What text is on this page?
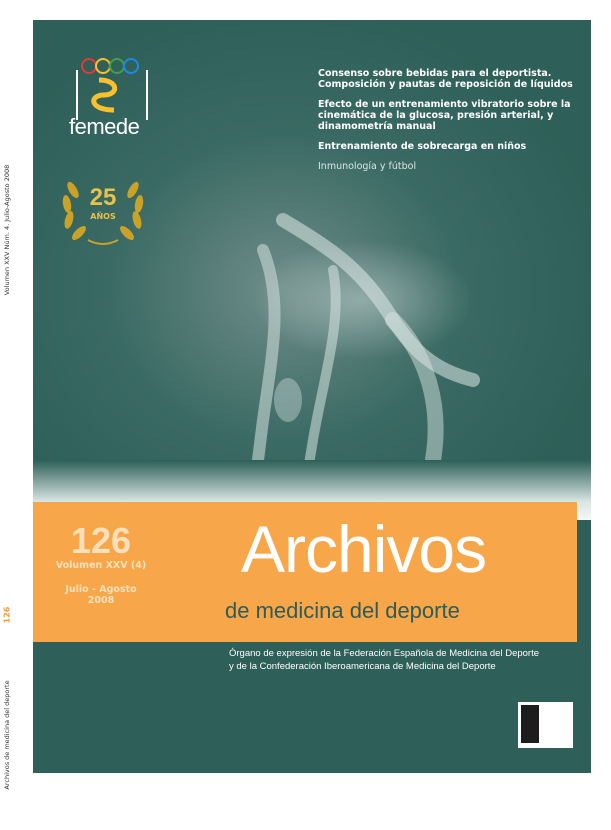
Volumen XXV Núm. 4. Julio-Agosto 2008
126
Archivos de medicina del deporte
femede
25
AÑOS
Consenso sobre bebidas para el deportista. Composición y pautas de reposición de líquidos
Efecto de un entrenamiento vibratorio sobre la cinemática de la glucosa, presión arterial, y dinamometría manual
Entrenamiento de sobrecarga en niños
Inmunología y fútbol
126
Volumen XXV (4)
Julio - Agosto
2008
Archivos
de medicina del deporte
Órgano de expresión de la Federación Española de Medicina del Deporte
y de la Confederación Iberoamericana de Medicina del Deporte
